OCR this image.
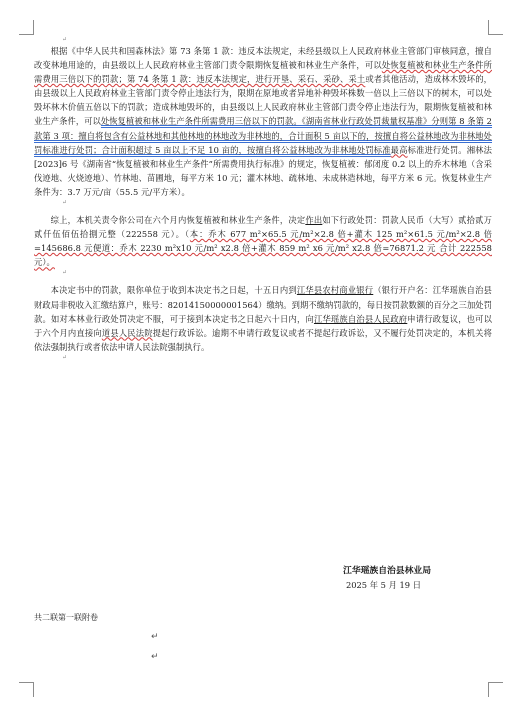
↵

根据《中华人民共和国森林法》第 73 条第 1 款：违反本法规定，未经县级以上人民政府林业主管部门审核同意，擅自改变林地用途的，由县级以上人民政府林业主管部门责令限期恢复植被和林业生产条件，可以处恢复植被和林业生产条件所需费用三倍以下的罚款；第 74 条第 1 款：违反本法规定，进行开垦、采石、采砂、采土或者其他活动，造成林木毁坏的，由县级以上人民政府林业主管部门责令停止违法行为，限期在原地或者异地补种毁坏株数一倍以上三倍以下的树木，可以处毁坏林木价值五倍以下的罚款；造成林地毁坏的，由县级以上人民政府林业主管部门责令停止违法行为，限期恢复植被和林业生产条件，可以处恢复植被和林业生产条件所需费用三倍以下的罚款。《湖南省林业行政处罚裁量权基准》分则第 8 条第 2 款第 3 项：擅自将包含有公益林地和其他林地的林地改为非林地的，合计面积 5 亩以下的，按擅自将公益林地改为非林地处罚标准进行处罚；合计面积超过 5 亩以上不足 10 亩的，按擅自将公益林地改为非林地处罚标准最高标准进行处罚。湘林法[2023]6 号《湖南省“恢复植被和林业生产条件”所需费用执行标准》的规定，恢复植被：郁闭度 0.2 以上的乔木林地（含采伐迹地、火烧迹地）、竹林地、苗圃地，每平方米 10 元；灌木林地、疏林地、未成林造林地，每平方米 6 元。恢复林业生产条件为：3.7 万元/亩（55.5 元/平方米）。

↵

综上，本机关责令你公司在六个月内恢复植被和林业生产条件，决定作出如下行政处罚：罚款人民币（大写）贰拾贰万贰仟伍佰伍拾捌元整（222558 元）。（本：乔木 677 m²×65.5 元/m²×2.8 倍+灌木 125 m²×61.5 元/m²×2.8 倍=145686.8 元便道：乔木 2230 m²x10 元/m² x2.8 倍+灌木 859 m² x6 元/m² x2.8 倍=76871.2 元 合计 222558 元）。

↵

本决定书中的罚款，限你单位于收到本决定书之日起，十五日内到江华县农村商业银行（银行开户名：江华瑶族自治县财政局非税收入汇缴结算户，账号：82014150000001564）缴纳。到期不缴纳罚款的，每日按罚款数额的百分之三加处罚款。如对本林业行政处罚决定不服，可于接到本决定书之日起六十日内，向江华瑶族自治县人民政府申请行政复议，也可以于六个月内直接向道县人民法院提起行政诉讼。逾期不申请行政复议或者不提起行政诉讼，又不履行处罚决定的，本机关将依法强制执行或者依法申请人民法院强制执行。

↵
江华瑶族自治县林业局
2025 年 5 月 19 日
共二联第一联附卷
↵
↵
